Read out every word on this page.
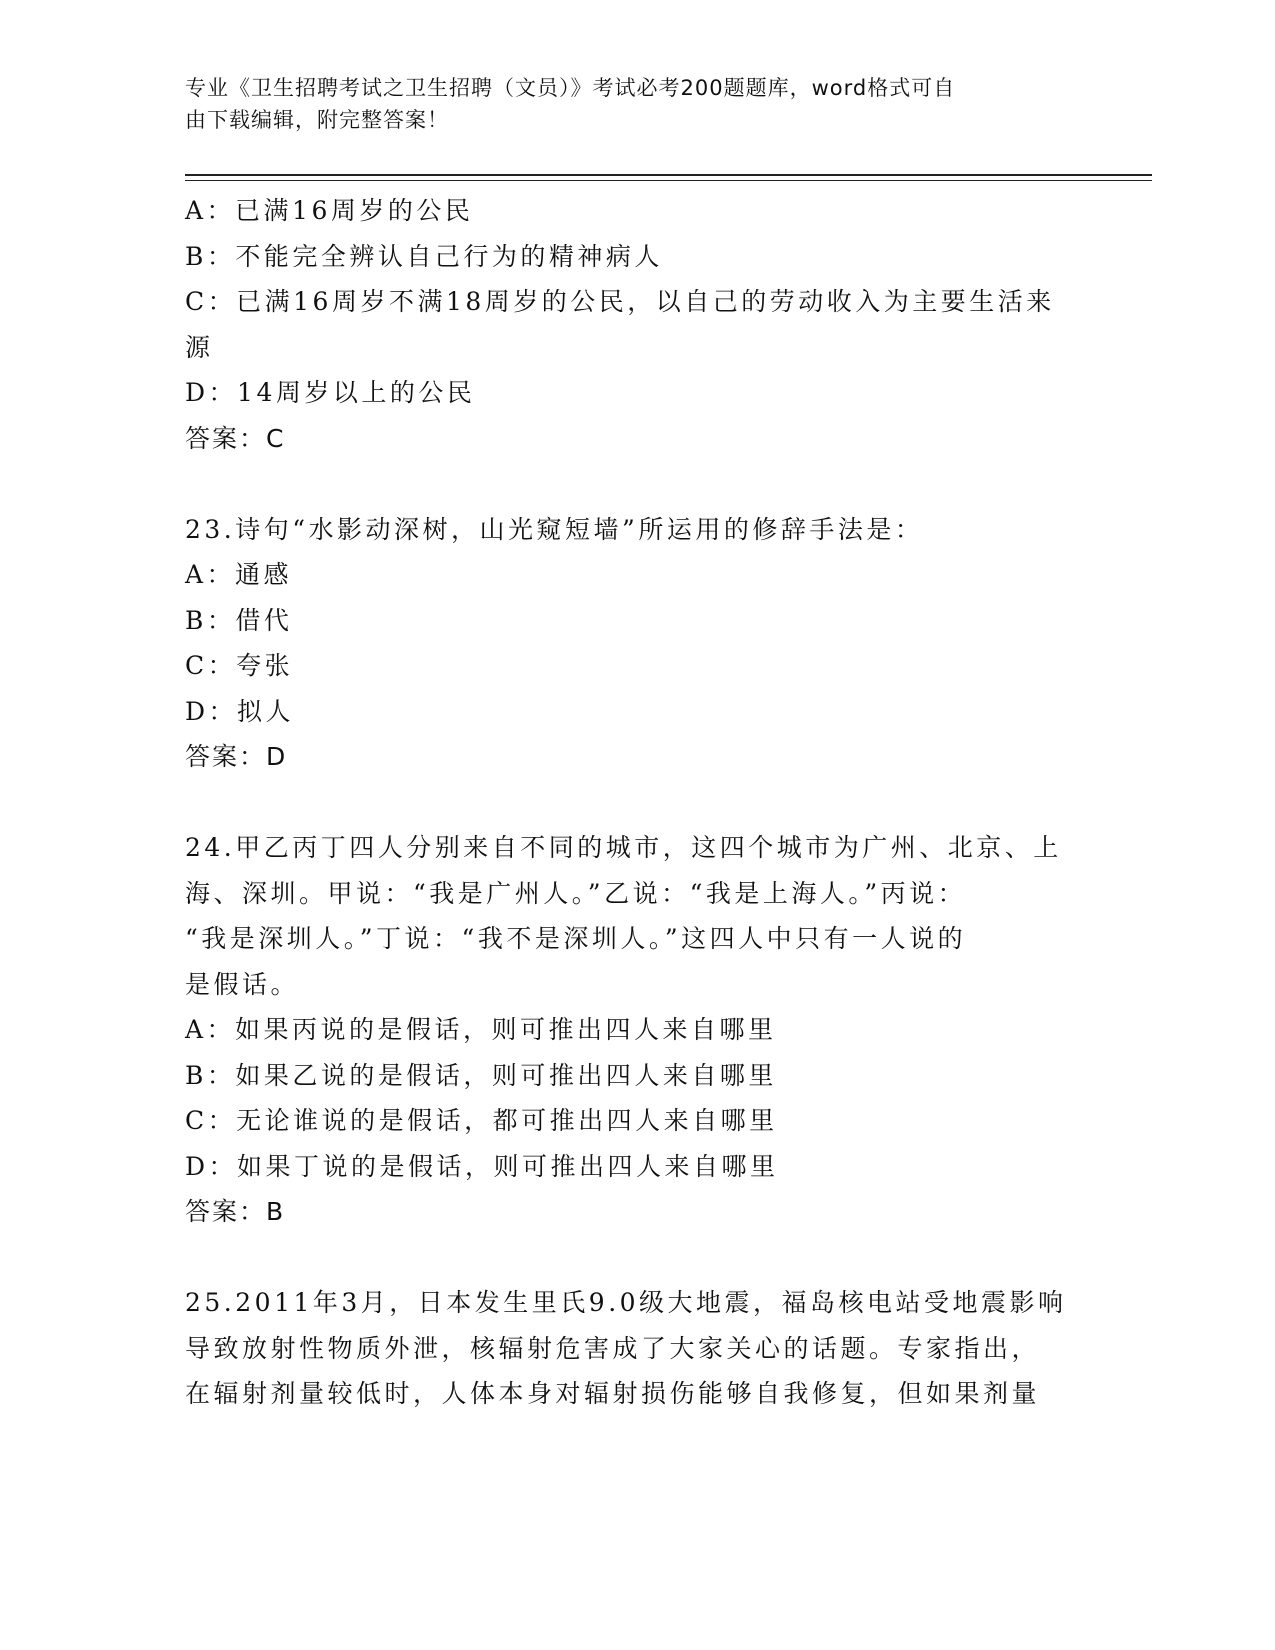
专业《卫生招聘考试之卫生招聘（文员）》考试必考200题题库，word格式可自
由下载编辑，附完整答案！
A：已满16周岁的公民
B：不能完全辨认自己行为的精神病人
C：已满16周岁不满18周岁的公民，以自己的劳动收入为主要生活来
源
D：14周岁以上的公民
答案：C
23.诗句“水影动深树，山光窥短墙”所运用的修辞手法是：
A：通感
B：借代
C：夸张
D：拟人
答案：D
24.甲乙丙丁四人分别来自不同的城市，这四个城市为广州、北京、上
海、深圳。甲说：“我是广州人。”乙说：“我是上海人。”丙说：
“我是深圳人。”丁说：“我不是深圳人。”这四人中只有一人说的
是假话。
A：如果丙说的是假话，则可推出四人来自哪里
B：如果乙说的是假话，则可推出四人来自哪里
C：无论谁说的是假话，都可推出四人来自哪里
D：如果丁说的是假话，则可推出四人来自哪里
答案：B
25.2011年3月，日本发生里氏9.0级大地震，福岛核电站受地震影响
导致放射性物质外泄，核辐射危害成了大家关心的话题。专家指出，
在辐射剂量较低时，人体本身对辐射损伤能够自我修复，但如果剂量
